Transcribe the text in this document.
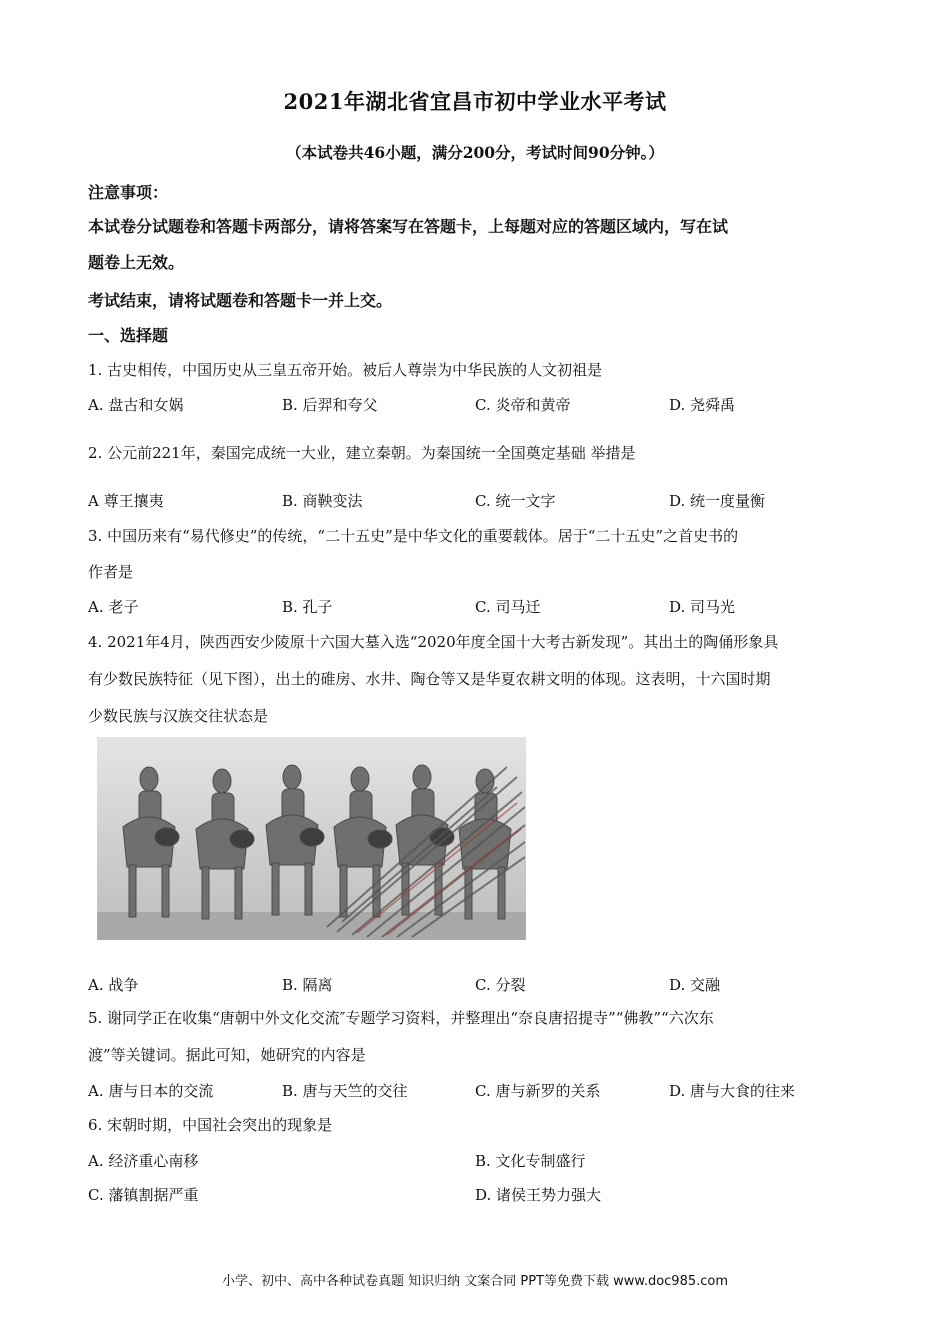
2021年湖北省宜昌市初中学业水平考试
（本试卷共46小题，满分200分，考试时间90分钟。）
注意事项：
本试卷分试题卷和答题卡两部分，请将答案写在答题卡，上每题对应的答题区域内，写在试
题卷上无效。
考试结束，请将试题卷和答题卡一并上交。
一、选择题
1. 古史相传，中国历史从三皇五帝开始。被后人尊崇为中华民族的人文初祖是
A. 盘古和女娲	B. 后羿和夸父	C. 炎帝和黄帝	D. 尧舜禹
2. 公元前221年，秦国完成统一大业，建立秦朝。为秦国统一全国奠定基础 举措是
A 尊王攘夷	B. 商鞅变法	C. 统一文字	D. 统一度量衡
3. 中国历来有“易代修史”的传统，“二十五史”是中华文化的重要载体。居于“二十五史”之首史书的
作者是
A. 老子	B. 孔子	C. 司马迁	D. 司马光
4. 2021年4月，陕西西安少陵原十六国大墓入选“2020年度全国十大考古新发现”。其出土的陶俑形象具
有少数民族特征（见下图），出土的碓房、水井、陶仓等又是华夏农耕文明的体现。这表明，十六国时期
少数民族与汉族交往状态是
A. 战争	B. 隔离	C. 分裂	D. 交融
5. 谢同学正在收集“唐朝中外文化交流″专题学习资料，并整理出“奈良唐招提寺”“佛教”“六次东
渡”等关键词。据此可知，她研究的内容是
A. 唐与日本的交流	B. 唐与天竺的交往	C. 唐与新罗的关系	D. 唐与大食的往来
6. 宋朝时期，中国社会突出的现象是
A. 经济重心南移	B. 文化专制盛行
C. 藩镇割据严重	D. 诸侯王势力强大
小学、初中、高中各种试卷真题 知识归纳 文案合同 PPT等免费下载 www.doc985.com
